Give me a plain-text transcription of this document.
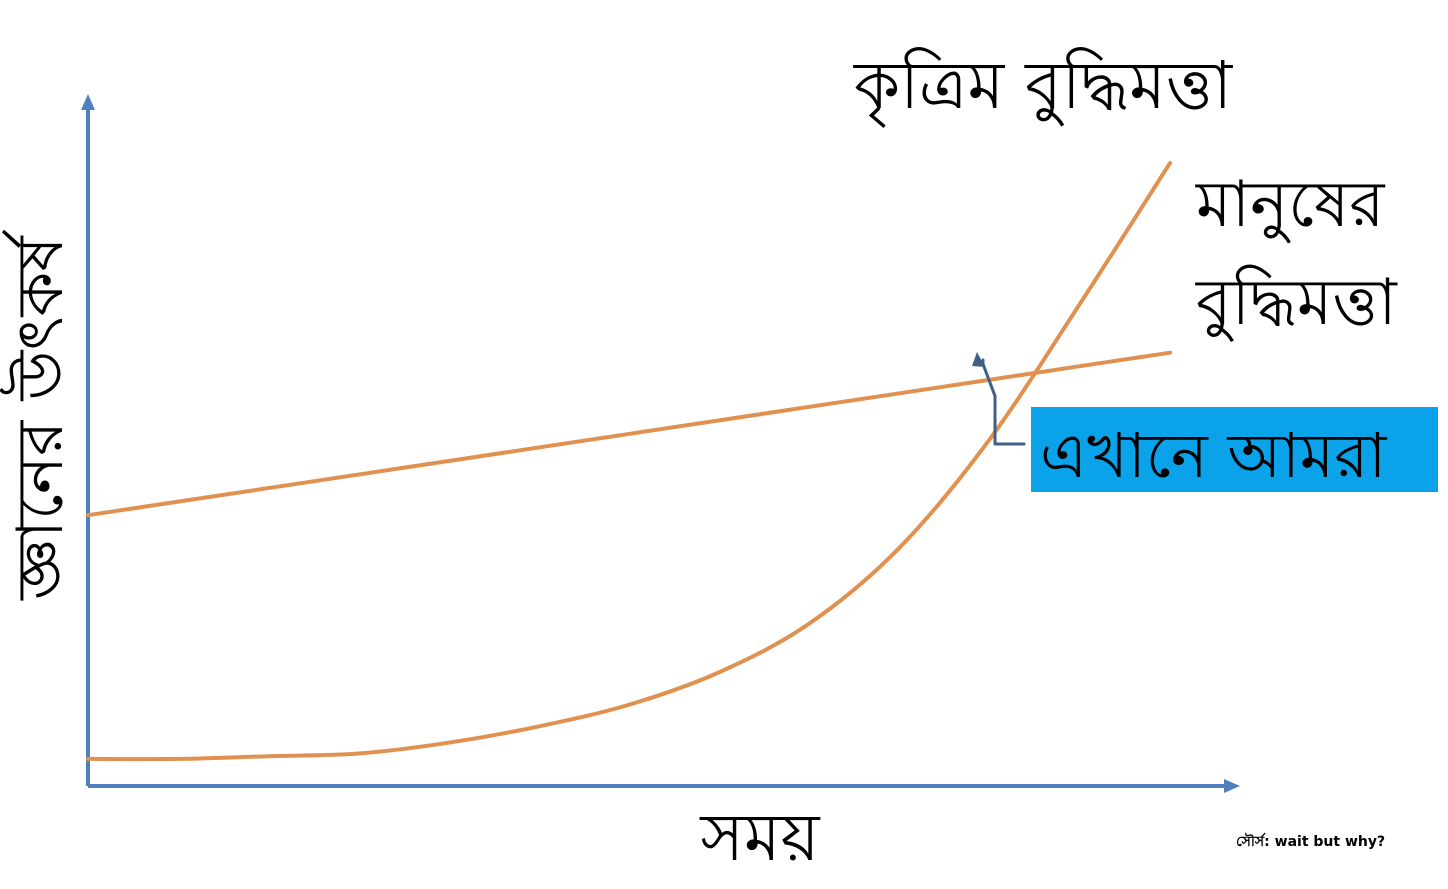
এখানে আমরা
সময়
জ্ঞানের উৎকর্ষ
কৃত্রিম বুদ্ধিমত্তা
মানুষের
বুদ্ধিমত্তা
সৌর্স: wait but why?
